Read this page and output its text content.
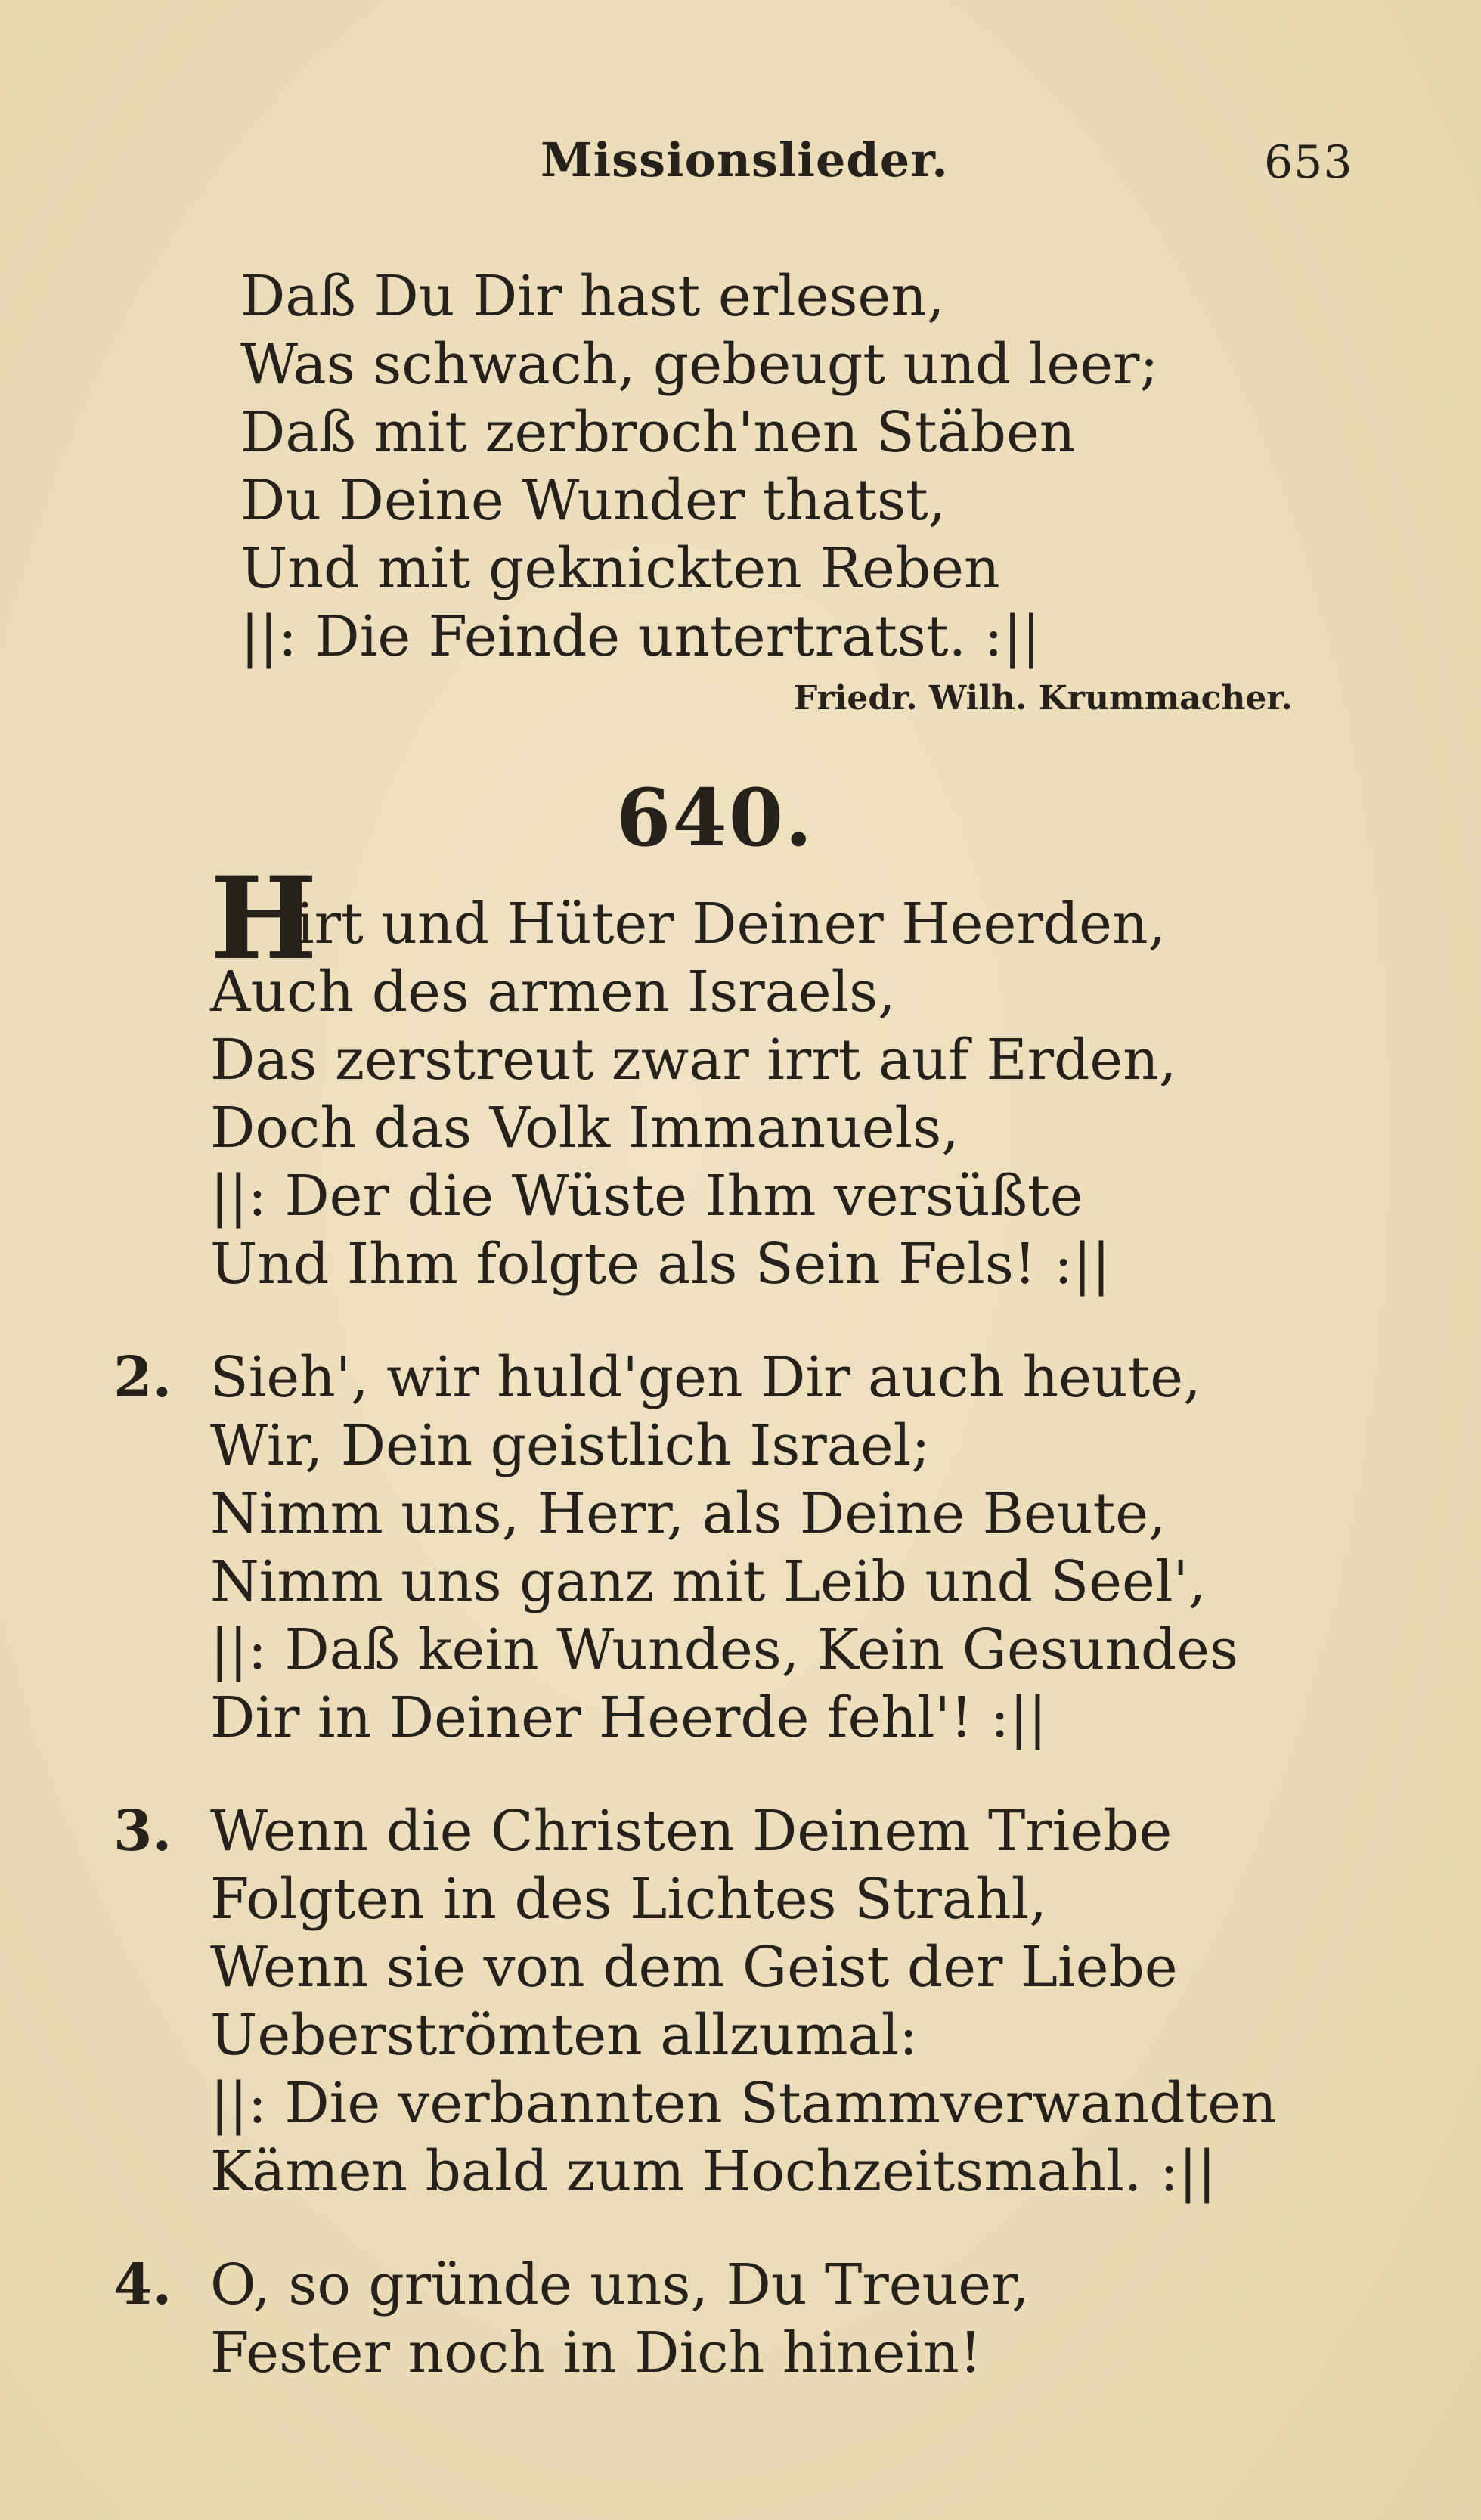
Missionslieder.	653
Daß Du Dir hast erlesen,
Was schwach, gebeugt und leer;
Daß mit zerbroch'nen Stäben
Du Deine Wunder thatst,
Und mit geknickten Reben
||: Die Feinde untertratst. :||
Friedr. Wilh. Krummacher.
640.
H
irt und Hüter Deiner Heerden,
Auch des armen Israels,
Das zerstreut zwar irrt auf Erden,
Doch das Volk Immanuels,
||: Der die Wüste Ihm versüßte
Und Ihm folgte als Sein Fels! :||
2. Sieh', wir huld'gen Dir auch heute,
Wir, Dein geistlich Israel;
Nimm uns, Herr, als Deine Beute,
Nimm uns ganz mit Leib und Seel',
||: Daß kein Wundes, Kein Gesundes
Dir in Deiner Heerde fehl'! :||
3. Wenn die Christen Deinem Triebe
Folgten in des Lichtes Strahl,
Wenn sie von dem Geist der Liebe
Ueberströmten allzumal:
||: Die verbannten Stammverwandten
Kämen bald zum Hochzeitsmahl. :||
4. O, so gründe uns, Du Treuer,
Fester noch in Dich hinein!
